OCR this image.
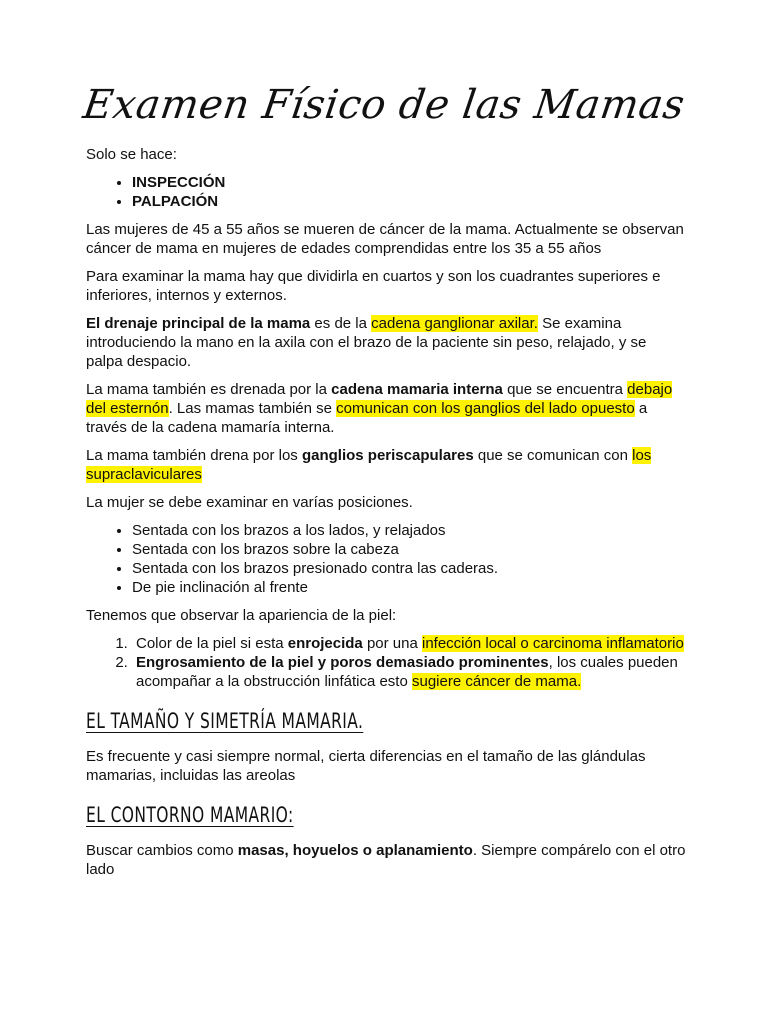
Examen Físico de las Mamas

Solo se hace:

• INSPECCIÓN
• PALPACIÓN

Las mujeres de 45 a 55 años se mueren de cáncer de la mama. Actualmente se observan cáncer de mama en mujeres de edades comprendidas entre los 35 a 55 años

Para examinar la mama hay que dividirla en cuartos y son los cuadrantes superiores e inferiores, internos y externos.

El drenaje principal de la mama es de la cadena ganglionar axilar. Se examina introduciendo la mano en la axila con el brazo de la paciente sin peso, relajado, y se palpa despacio.

La mama también es drenada por la cadena mamaria interna que se encuentra debajo del esternón. Las mamas también se comunican con los ganglios del lado opuesto a través de la cadena mamaría interna.

La mama también drena por los ganglios periscapulares que se comunican con los supraclaviculares

La mujer se debe examinar en varías posiciones.

• Sentada con los brazos a los lados, y relajados
• Sentada con los brazos sobre la cabeza
• Sentada con los brazos presionado contra las caderas.
• De pie inclinación al frente

Tenemos que observar la apariencia de la piel:

1. Color de la piel si esta enrojecida por una infección local o carcinoma inflamatorio
2. Engrosamiento de la piel y poros demasiado prominentes, los cuales pueden acompañar a la obstrucción linfática esto sugiere cáncer de mama.
EL TAMAÑO Y SIMETRÍA MAMARIA.

Es frecuente y casi siempre normal, cierta diferencias en el tamaño de las glándulas mamarias, incluidas las areolas

EL CONTORNO MAMARIO:

Buscar cambios como masas, hoyuelos o aplanamiento. Siempre compárelo con el otro lado
